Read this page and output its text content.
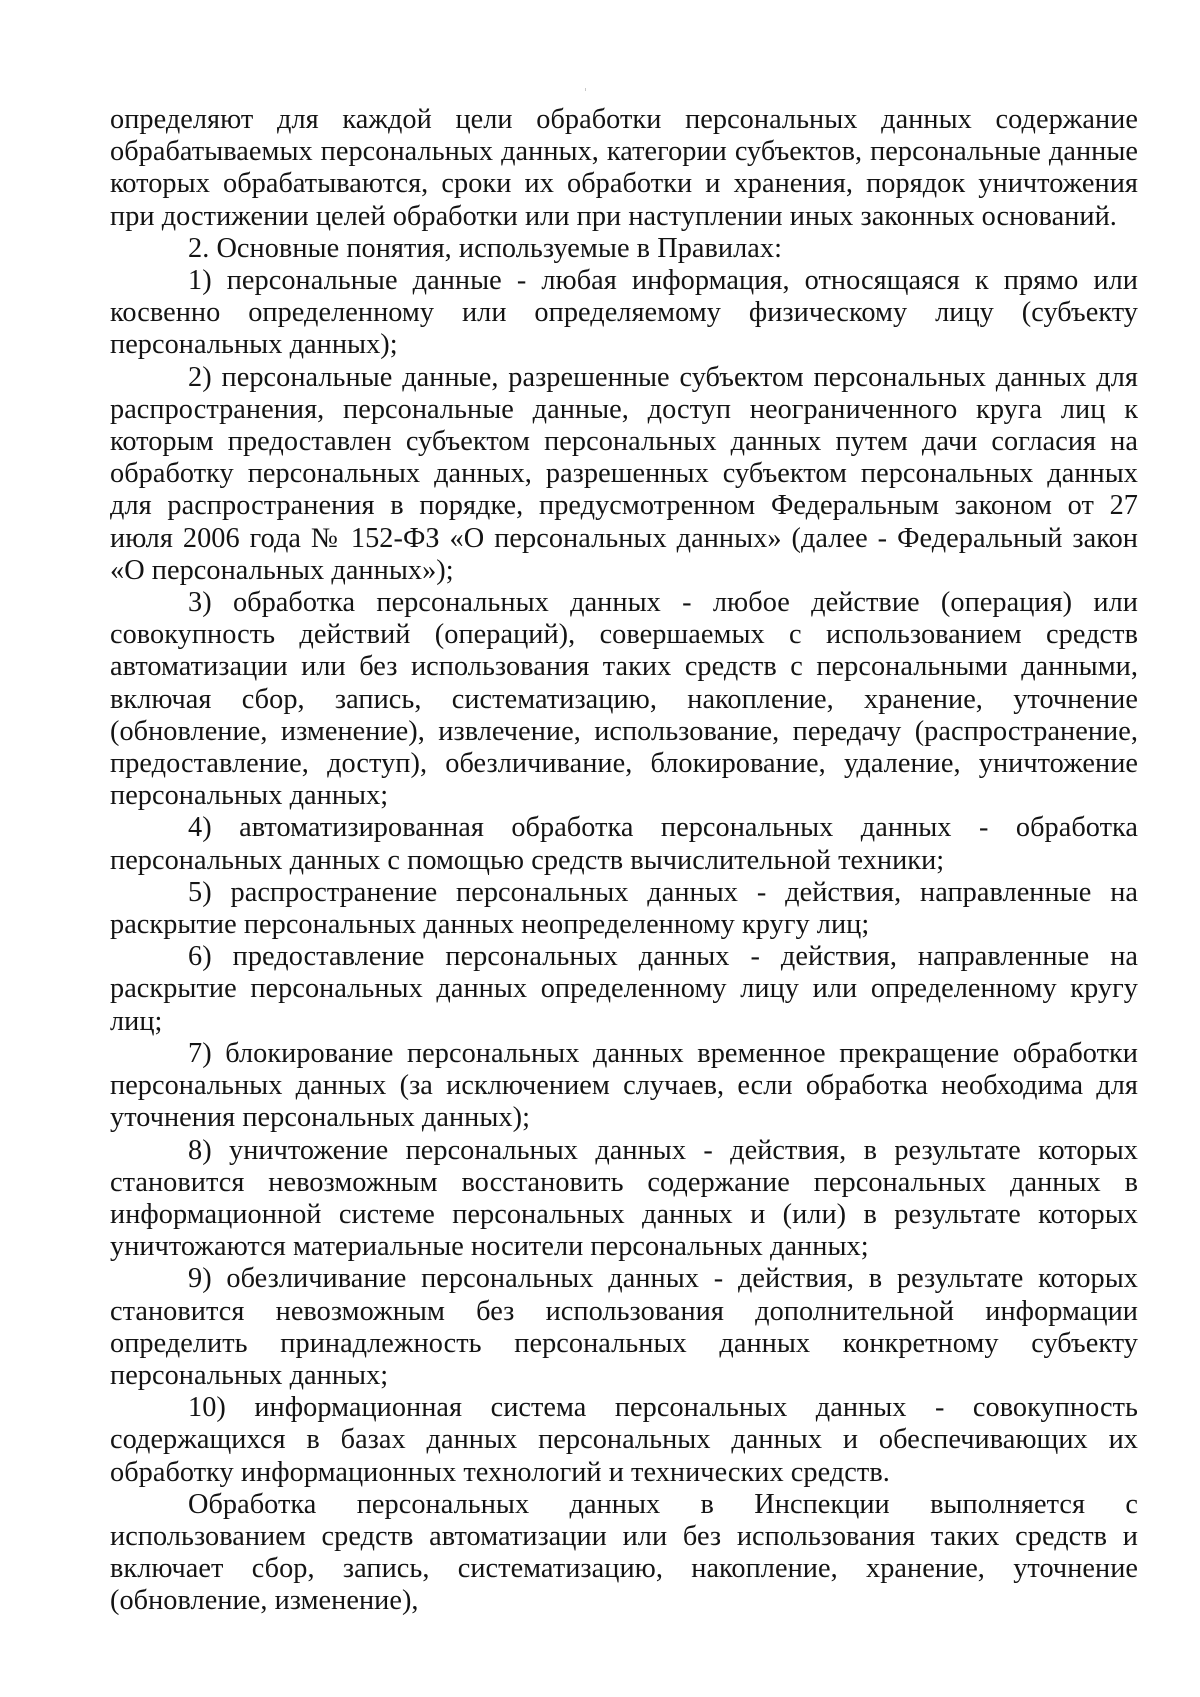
определяют для каждой цели обработки персональных данных содержание обрабатываемых персональных данных, категории субъектов, персональные данные которых обрабатываются, сроки их обработки и хранения, порядок уничтожения при достижении целей обработки или при наступлении иных законных оснований.

2. Основные понятия, используемые в Правилах:

1) персональные данные - любая информация, относящаяся к прямо или косвенно определенному или определяемому физическому лицу (субъекту персональных данных);

2) персональные данные, разрешенные субъектом персональных данных для распространения, персональные данные, доступ неограниченного круга лиц к которым предоставлен субъектом персональных данных путем дачи согласия на обработку персональных данных, разрешенных субъектом персональных данных для распространения в порядке, предусмотренном Федеральным законом от 27 июля 2006 года № 152-ФЗ «О персональных данных» (далее - Федеральный закон «О персональных данных»);

3) обработка персональных данных - любое действие (операция) или совокупность действий (операций), совершаемых с использованием средств автоматизации или без использования таких средств с персональными данными, включая сбор, запись, систематизацию, накопление, хранение, уточнение (обновление, изменение), извлечение, использование, передачу (распространение, предоставление, доступ), обезличивание, блокирование, удаление, уничтожение персональных данных;

4) автоматизированная обработка персональных данных - обработка персональных данных с помощью средств вычислительной техники;

5) распространение персональных данных - действия, направленные на раскрытие персональных данных неопределенному кругу лиц;

6) предоставление персональных данных - действия, направленные на раскрытие персональных данных определенному лицу или определенному кругу лиц;

7) блокирование персональных данных временное прекращение обработки персональных данных (за исключением случаев, если обработка необходима для уточнения персональных данных);

8) уничтожение персональных данных - действия, в результате которых становится невозможным восстановить содержание персональных данных в информационной системе персональных данных и (или) в результате которых уничтожаются материальные носители персональных данных;

9) обезличивание персональных данных - действия, в результате которых становится невозможным без использования дополнительной информации определить принадлежность персональных данных конкретному субъекту персональных данных;

10) информационная система персональных данных - совокупность содержащихся в базах данных персональных данных и обеспечивающих их обработку информационных технологий и технических средств.

Обработка персональных данных в Инспекции выполняется с использованием средств автоматизации или без использования таких средств и включает сбор, запись, систематизацию, накопление, хранение, уточнение (обновление, изменение),
